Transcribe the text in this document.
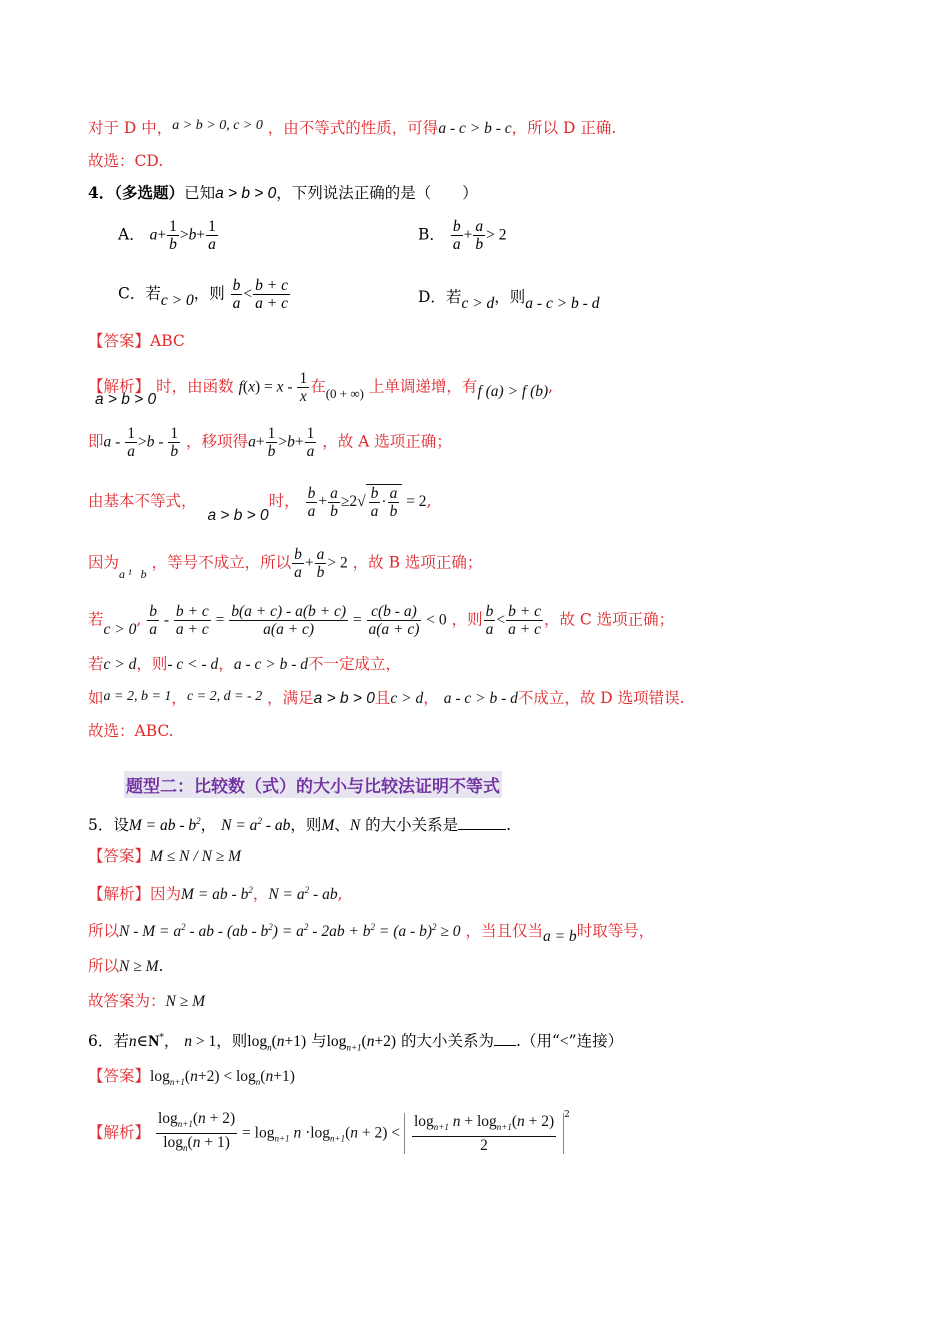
对于 D 中，a > b > 0, c > 0 ，由不等式的性质，可得a - c > b - c，所以 D 正确.
故选：CD.
4．（多选题）已知a > b > 0，下列说法正确的是（　　）
A． $a+ \frac{1}{b} >b+ \frac{1}{a}$	B． $\frac{b}{a} + \frac{a}{b} > 2$
C．若c > 0，则 $\frac{b}{a} < \frac{b + c}{a + c}$	D．若c > d，则a - c > b - d
【答案】ABC
【解析】 a > b > 0时，由函数 $f(x) = x - \frac{1}{x}$ 在$_{(0 + \infty)}$ 上单调递增，有f (a) > f (b),
即$a - \frac{1}{a} >b - \frac{1}{b}$ ，移项得$a+ \frac{1}{b} >b+ \frac{1}{a}$ ，故 A 选项正确；
由基本不等式， a > b > 0时， $\frac{b}{a} + \frac{a}{b} \ge 2√ \frac{b}{a} \cdot \frac{a}{b} = 2$,
因为$_{a ^1 b}$ ，等号不成立，所以 $\frac{b}{a} + \frac{a}{b} > 2$ ，故 B 选项正确；
若c > 0, $\frac{b}{a} - \frac{b + c}{a + c} = \frac{b(a + c) - a(b + c)}{a(a + c)} = \frac{c(b - a)}{a(a + c)} < 0$ ，则 $\frac{b}{a} < \frac{b + c}{a + c}$ ，故 C 选项正确；
若c > d，则- c < - d，a - c > b - d不一定成立，
如a = 2, b = 1，c = 2, d = - 2 ，满足a > b > 0且c > d， a - c > b - d不成立，故 D 选项错误.
故选：ABC.
题型二：比较数（式）的大小与比较法证明不等式
5．设M = ab - $b^2$， $N = a^2$ - ab，则M、N 的大小关系是	.
【答案】M ≤ N / N ≥ M
【解析】因为M = ab - $b^2$，$N = a^2$ - ab,
所以$N - M = a^2$ - ab - $(ab - b^2) = a^2 - 2ab + b^2 = (a - b)^2 \ge 0$ ，当且仅当a = b时取等号，
所以N ≥ M.
故答案为：N ≥ M
6．若n∈N*， n > 1，则$\log_n(n+1)$ 与$\log_{n+1}(n+2)$ 的大小关系为 .（用“<”连接）
【答案】$\log_{n+1}(n+2) < \log_n(n+1)$
【解析】 $\frac{\log_{n+1}(n + 2)}{\log_n(n + 1)} = \log_{n+1} n \cdot\log_{n+1}(n + 2) < \frac{\log_{n+1} n + \log_{n+1}(n + 2)}{2} ^2$
